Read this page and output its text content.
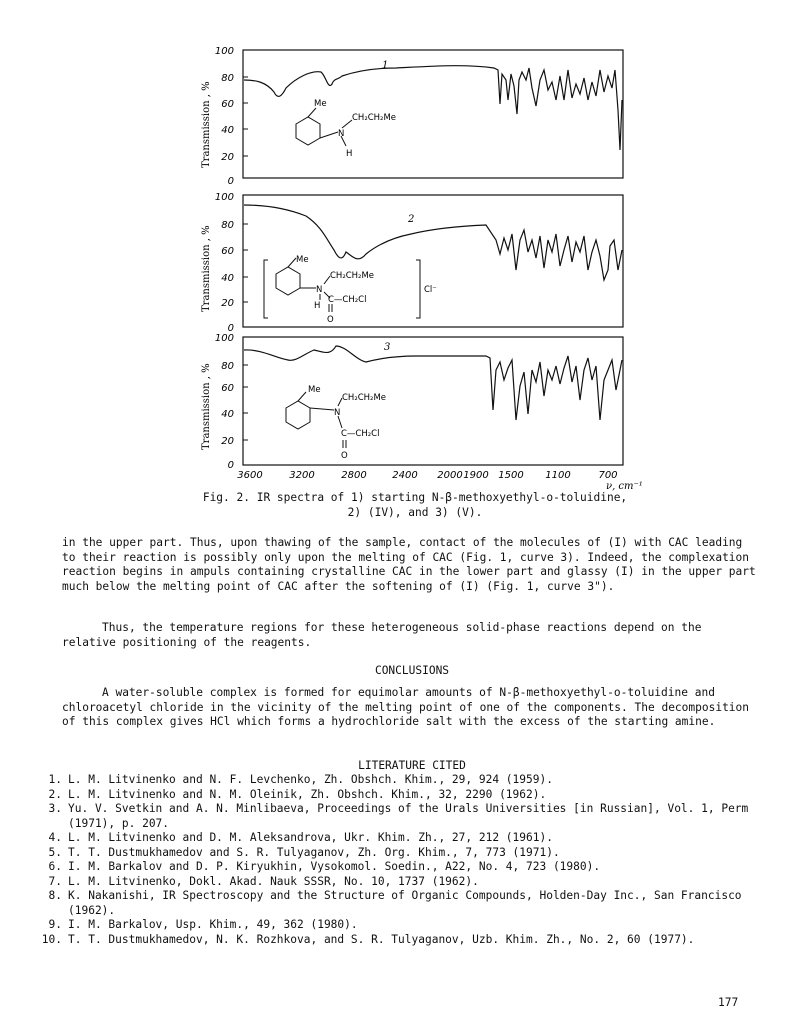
100
80
60
40
20
0
100
80
60
40
20
0
100
80
60
40
20
0
Transmission , %
Transmission , %
Transmission , %
1
2
3
Me
CH₂CH₂Me
N
H
Me
CH₂CH₂Me
N
H
C—CH₂Cl
O
Cl⁻
Me
CH₂CH₂Me
N
C—CH₂Cl
O
3600	3200	2800	2400 2000 1900 1500 1100	700
ν, cm⁻¹
Fig. 2. IR spectra of 1) starting N-β-methoxyethyl-o-toluidine,
2) (IV), and 3) (V).
in the upper part. Thus, upon thawing of the sample, contact of the molecules of (I) with CAC leading to their reaction is possibly only upon the melting of CAC (Fig. 1, curve 3). Indeed, the complexation reaction begins in ampuls containing crystalline CAC in the lower part and glassy (I) in the upper part much below the melting point of CAC after the softening of (I) (Fig. 1, curve 3").
Thus, the temperature regions for these heterogeneous solid-phase reactions depend on the relative positioning of the reagents.
CONCLUSIONS
A water-soluble complex is formed for equimolar amounts of N-β-methoxyethyl-o-toluidine and chloroacetyl chloride in the vicinity of the melting point of one of the components. The decomposition of this complex gives HCl which forms a hydrochloride salt with the excess of the starting amine.
LITERATURE CITED
1. L. M. Litvinenko and N. F. Levchenko, Zh. Obshch. Khim., 29, 924 (1959).
2. L. M. Litvinenko and N. M. Oleinik, Zh. Obshch. Khim., 32, 2290 (1962).
3. Yu. V. Svetkin and A. N. Minlibaeva, Proceedings of the Urals Universities [in Russian], Vol. 1, Perm (1971), p. 207.
4. L. M. Litvinenko and D. M. Aleksandrova, Ukr. Khim. Zh., 27, 212 (1961).
5. T. T. Dustmukhamedov and S. R. Tulyaganov, Zh. Org. Khim., 7, 773 (1971).
6. I. M. Barkalov and D. P. Kiryukhin, Vysokomol. Soedin., A22, No. 4, 723 (1980).
7. L. M. Litvinenko, Dokl. Akad. Nauk SSSR, No. 10, 1737 (1962).
8. K. Nakanishi, IR Spectroscopy and the Structure of Organic Compounds, Holden-Day Inc., San Francisco (1962).
9. I. M. Barkalov, Usp. Khim., 49, 362 (1980).
10. T. T. Dustmukhamedov, N. K. Rozhkova, and S. R. Tulyaganov, Uzb. Khim. Zh., No. 2, 60 (1977).
177
